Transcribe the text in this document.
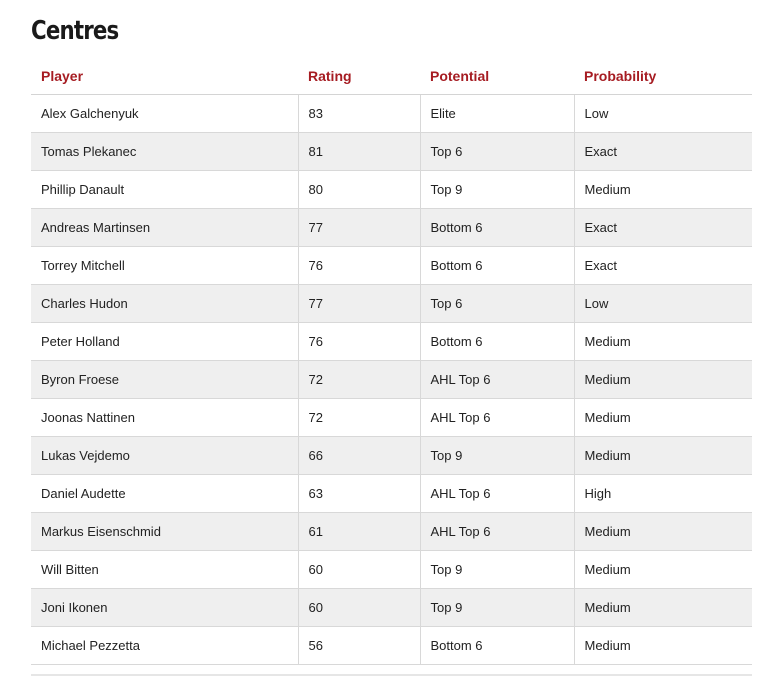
Centres
Player	Rating	Potential	Probability
Alex Galchenyuk	83	Elite	Low
Tomas Plekanec	81	Top 6	Exact
Phillip Danault	80	Top 9	Medium
Andreas Martinsen	77	Bottom 6	Exact
Torrey Mitchell	76	Bottom 6	Exact
Charles Hudon	77	Top 6	Low
Peter Holland	76	Bottom 6	Medium
Byron Froese	72	AHL Top 6	Medium
Joonas Nattinen	72	AHL Top 6	Medium
Lukas Vejdemo	66	Top 9	Medium
Daniel Audette	63	AHL Top 6	High
Markus Eisenschmid	61	AHL Top 6	Medium
Will Bitten	60	Top 9	Medium
Joni Ikonen	60	Top 9	Medium
Michael Pezzetta	56	Bottom 6	Medium
